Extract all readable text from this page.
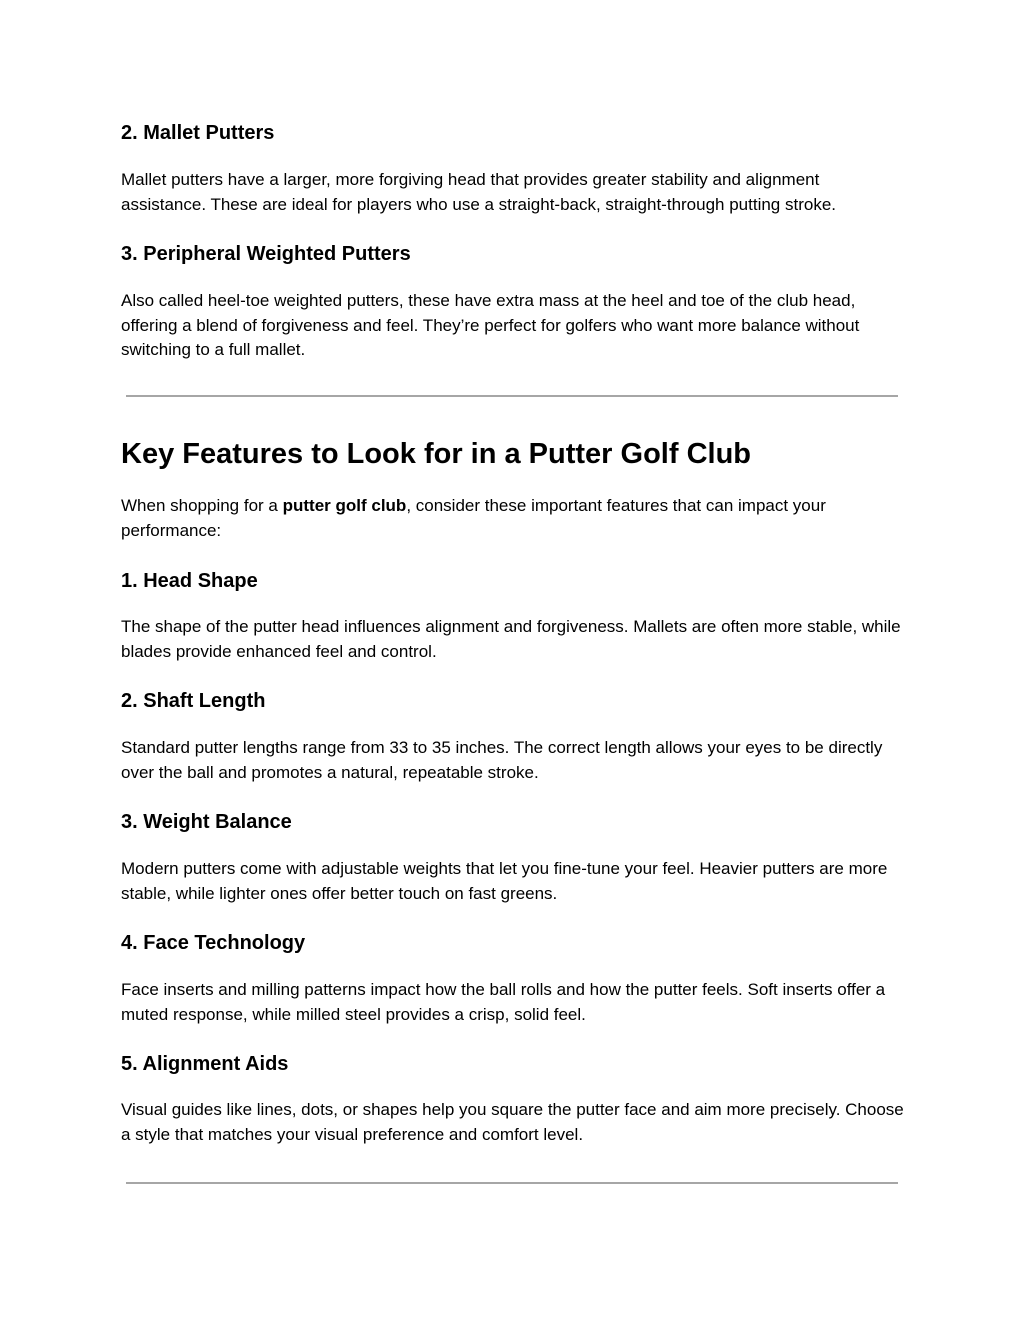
2. Mallet Putters

Mallet putters have a larger, more forgiving head that provides greater stability and alignment assistance. These are ideal for players who use a straight-back, straight-through putting stroke.

3. Peripheral Weighted Putters

Also called heel-toe weighted putters, these have extra mass at the heel and toe of the club head, offering a blend of forgiveness and feel. They’re perfect for golfers who want more balance without switching to a full mallet.

Key Features to Look for in a Putter Golf Club

When shopping for a putter golf club, consider these important features that can impact your performance:

1. Head Shape

The shape of the putter head influences alignment and forgiveness. Mallets are often more stable, while blades provide enhanced feel and control.

2. Shaft Length

Standard putter lengths range from 33 to 35 inches. The correct length allows your eyes to be directly over the ball and promotes a natural, repeatable stroke.

3. Weight Balance

Modern putters come with adjustable weights that let you fine-tune your feel. Heavier putters are more stable, while lighter ones offer better touch on fast greens.

4. Face Technology

Face inserts and milling patterns impact how the ball rolls and how the putter feels. Soft inserts offer a muted response, while milled steel provides a crisp, solid feel.

5. Alignment Aids

Visual guides like lines, dots, or shapes help you square the putter face and aim more precisely. Choose a style that matches your visual preference and comfort level.
